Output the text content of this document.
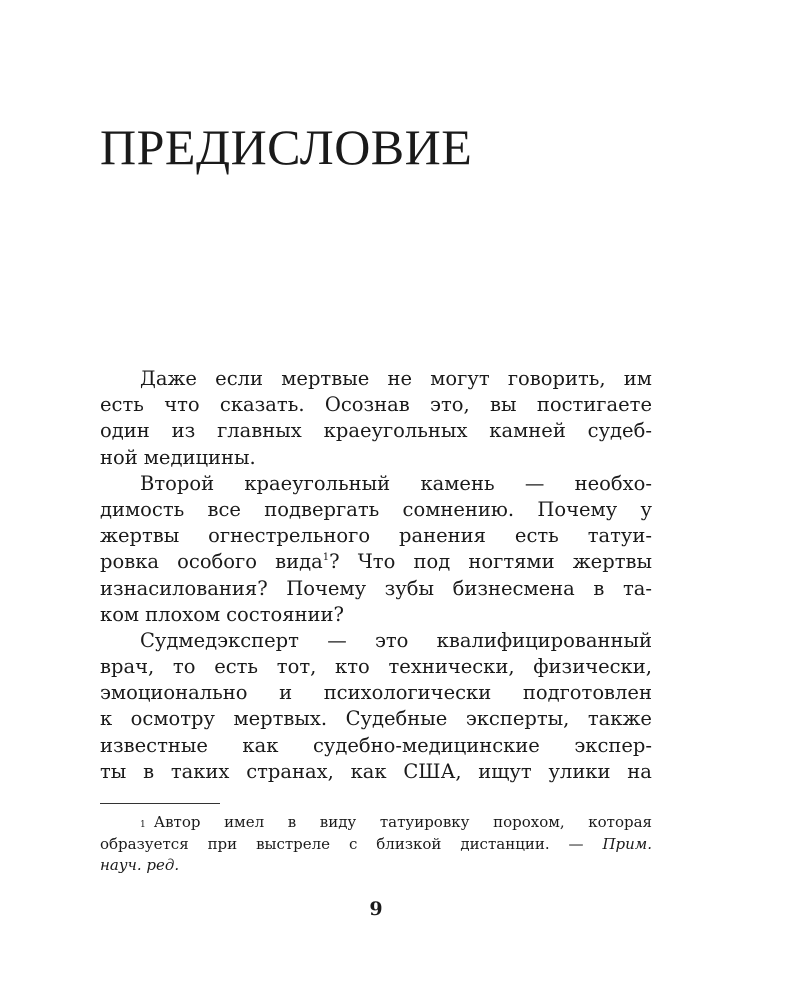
ПРЕДИСЛОВИЕ
Даже если мертвые не могут говорить, им
есть что сказать. Осознав это, вы постигаете
один из главных краеугольных камней судеб-
ной медицины.
Второй краеугольный камень — необхо-
димость все подвергать сомнению. Почему у
жертвы огнестрельного ранения есть татуи-
ровка особого вида$^1$? Что под ногтями жертвы
изнасилования? Почему зубы бизнесмена в та-
ком плохом состоянии?
Судмедэксперт — это квалифицированный
врач, то есть тот, кто технически, физически,
эмоционально и психологически подготовлен
к осмотру мертвых. Судебные эксперты, также
известные как судебно-медицинские экспер-
ты в таких странах, как США, ищут улики на
$^1$ Автор имел в виду татуировку порохом, которая
образуется при выстреле с близкой дистанции. — Прим.
науч. ред.
9
